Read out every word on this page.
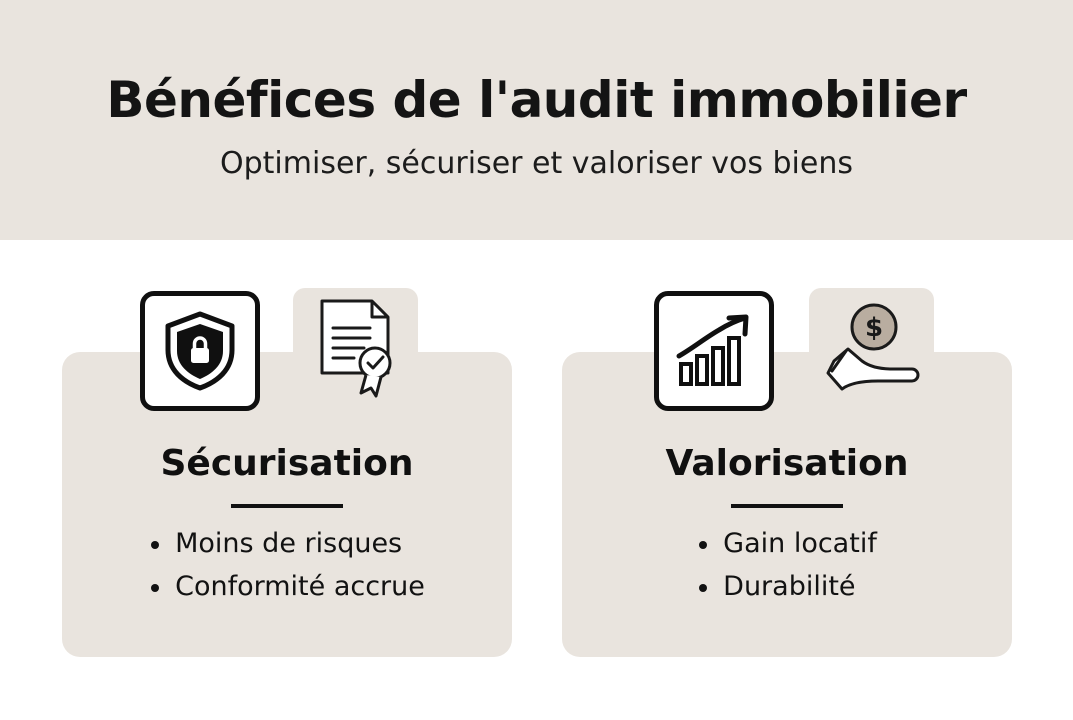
Bénéfices de l'audit immobilier
Optimiser, sécuriser et valoriser vos biens
Sécurisation
Moins de risques
Conformité accrue
Valorisation
Gain locatif
Durabilité
$
